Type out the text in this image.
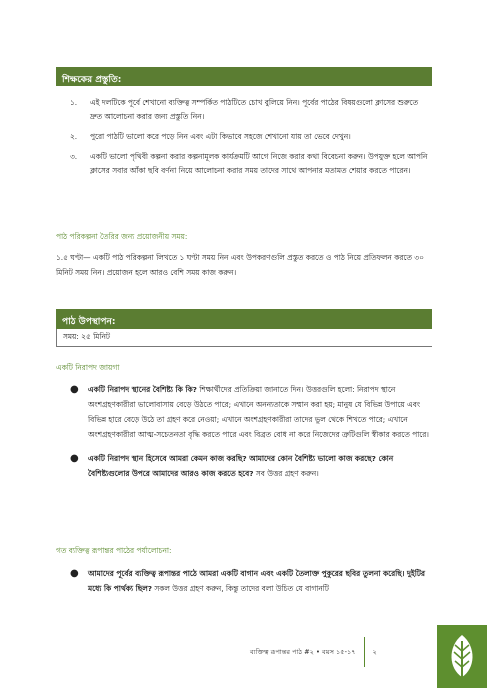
শিক্ষকের প্রস্তুতি:
১.	এই দলটিকে পূর্বে শেখানো ব্যক্তিত্ব সম্পর্কিত পাঠটিতে চোখ বুলিয়ে নিন। পূর্বের পাঠের বিষয়গুলো ক্লাসের শুরুতে দ্রুত আলোচনা করার জন্য প্রস্তুতি নিন।
২.	পুরো পাঠটি ভালো করে পড়ে নিন এবং এটা কিভাবে সহজে শেখানো যায় তা ভেবে দেখুন।
৩.	একটি ভালো পৃথিবী কল্পনা করার কল্পনামূলক কার্যক্রমটি আগে নিজে করার কথা বিবেচনা করুন। উপযুক্ত হলে আপনি ক্লাসের সবার আঁকা ছবি বর্ণনা নিয়ে আলোচনা করার সময় তাদের সাথে আপনার মতামত শেয়ার করতে পারেন।
পাঠ পরিকল্পনা তৈরির জন্য প্রয়োজনীয় সময়:
১.৫ ঘণ্টা— একটি পাঠ পরিকল্পনা লিখতে ১ ঘণ্টা সময় নিন এবং উপকরণগুলি প্রস্তুত করতে ও পাঠ নিয়ে প্রতিফলন করতে ৩০ মিনিট সময় নিন। প্রয়োজন হলে আরও বেশি সময় কাজ করুন।
পাঠ উপস্থাপন:
সময়: ২৫ মিনিট
একটি নিরাপদ জায়গা
●	একটি নিরাপদ স্থানের বৈশিষ্ট্য কি কি? শিক্ষার্থীদের প্রতিক্রিয়া জানাতে দিন। উত্তরগুলি হলো: নিরাপদ স্থানে অংশগ্রহণকারীরা ভালোবাসায় বেড়ে উঠতে পারে; এখানে অনন্যতাকে সম্মান করা হয়; মানুষ যে বিভিন্ন উপায়ে এবং বিভিন্ন হারে বেড়ে উঠে তা গ্রহণ করে নেওয়া; এখানে অংশগ্রহণকারীরা তাদের ভুল থেকে শিখতে পারে; এখানে অংশগ্রহণকারীরা আত্ম-সচেতনতা বৃদ্ধি করতে পারে এবং বিব্রত বোধ না করে নিজেদের ত্রুটিগুলি স্বীকার করতে পারে।
●	একটি নিরাপদ স্থান হিসেবে আমরা কেমন কাজ করছি? আমাদের কোন বৈশিষ্ট্য ভালো কাজ করছে? কোন বৈশিষ্ট্যগুলোর উপরে আমাদের আরও কাজ করতে হবে? সব উত্তর গ্রহণ করুন।
গত ব্যক্তিত্ব রূপান্তর পাঠের পর্যালোচনা:
●	আমাদের পূর্বের ব্যক্তিত্ব রূপান্তর পাঠে আমরা একটি বাগান এবং একটি তৈলাক্ত পুকুরের ছবির তুলনা করেছি। দুইটির মধ্যে কি পার্থক্য ছিল? সকল উত্তর গ্রহণ করুন, কিন্তু তাদের বলা উচিত যে বাগানটি
ব্যক্তিত্ব রূপান্তর পাঠ #২ • বয়স ১৫-১৭	২
